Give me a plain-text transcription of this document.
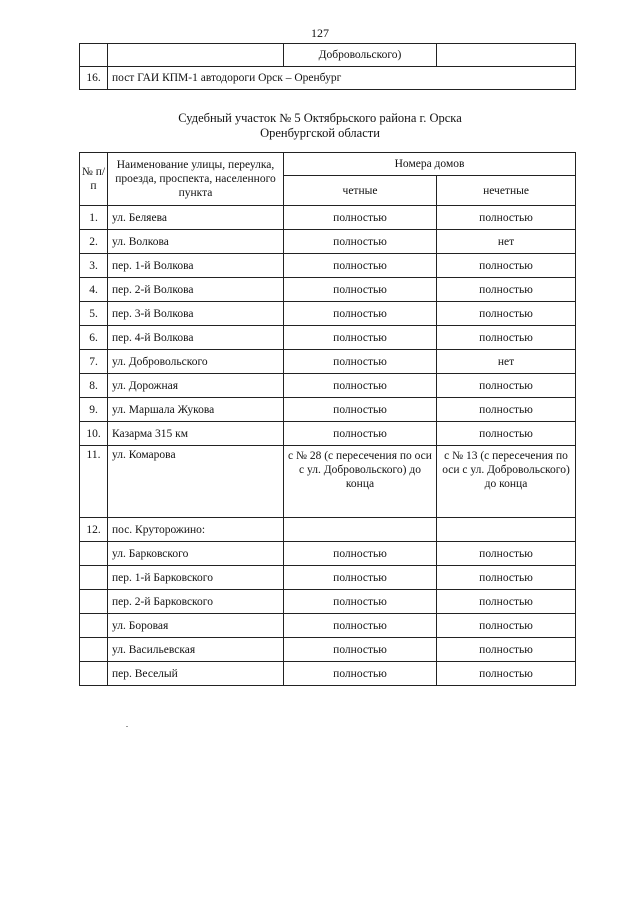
127
		Добровольского)	
16.	пост ГАИ КПМ-1 автодороги Орск – Оренбург		
Судебный участок № 5 Октябрьского района г. Орска
Оренбургской области
№ п/п	Наименование улицы, переулка, проезда, проспекта, населенного пункта	Номера домов	
		четные	нечетные
1.	ул. Беляева	полностью	полностью
2.	ул. Волкова	полностью	нет
3.	пер. 1-й Волкова	полностью	полностью
4.	пер. 2-й Волкова	полностью	полностью
5.	пер. 3-й Волкова	полностью	полностью
6.	пер. 4-й Волкова	полностью	полностью
7.	ул. Добровольского	полностью	нет
8.	ул. Дорожная	полностью	полностью
9.	ул. Маршала Жукова	полностью	полностью
10.	Казарма 315 км	полностью	полностью
11.	ул. Комарова	с № 28 (с пересечения по оси с ул. Добровольского) до конца	с № 13 (с пересечения по оси с ул. Добровольского) до конца
12.	пос. Круторожино:		
	ул. Барковского	полностью	полностью
	пер. 1-й Барковского	полностью	полностью
	пер. 2-й Барковского	полностью	полностью
	ул. Боровая	полностью	полностью
	ул. Васильевская	полностью	полностью
	пер. Веселый	полностью	полностью
